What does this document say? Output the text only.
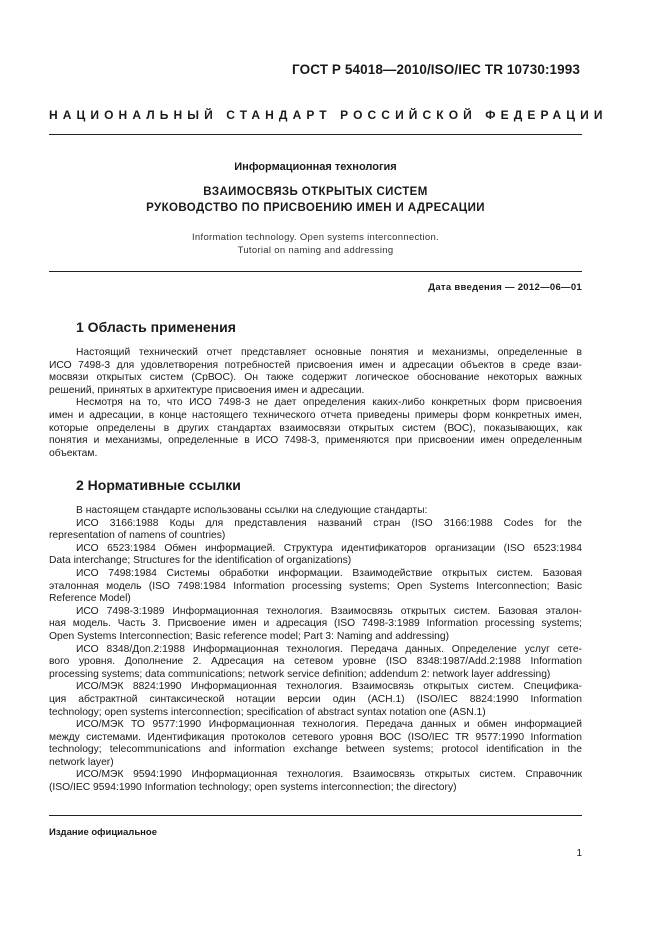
ГОСТ Р 54018—2010/ISO/IEC TR 10730:1993
НАЦИОНАЛЬНЫЙ СТАНДАРТ РОССИЙСКОЙ ФЕДЕРАЦИИ
Информационная технология
ВЗАИМОСВЯЗЬ ОТКРЫТЫХ СИСТЕМ
РУКОВОДСТВО ПО ПРИСВОЕНИЮ ИМЕН И АДРЕСАЦИИ
Information technology. Open systems interconnection.
Tutorial on naming and addressing
Дата введения — 2012—06—01
1 Область применения
Настоящий технический отчет представляет основные понятия и механизмы, определенные в
ИСО 7498-3 для удовлетворения потребностей присвоения имен и адресации объектов в среде взаи-
мосвязи открытых систем (СрВОС). Он также содержит логическое обоснование некоторых важных
решений, принятых в архитектуре присвоения имен и адресации.
Несмотря на то, что ИСО 7498-3 не дает определения каких-либо конкретных форм присвоения
имен и адресации, в конце настоящего технического отчета приведены примеры форм конкретных имен,
которые определены в других стандартах взаимосвязи открытых систем (ВОС), показывающих, как
понятия и механизмы, определенные в ИСО 7498-3, применяются при присвоении имен определенным
объектам.
2 Нормативные ссылки
В настоящем стандарте использованы ссылки на следующие стандарты:
ИСО 3166:1988 Коды для представления названий стран (ISO 3166:1988 Codes for the
representation of namens of countries)
ИСО 6523:1984 Обмен информацией. Структура идентификаторов организации (ISO 6523:1984
Data interchange; Structures for the identification of organizations)
ИСО 7498:1984 Системы обработки информации. Взаимодействие открытых систем. Базовая
эталонная модель (ISO 7498:1984 Information processing systems; Open Systems Interconnection; Basic
Reference Model)
ИСО 7498-3:1989 Информационная технология. Взаимосвязь открытых систем. Базовая эталон-
ная модель. Часть 3. Присвоение имен и адресация (ISO 7498-3:1989 Information processing systems;
Open Systems Interconnection; Basic reference model; Part 3: Naming and addressing)
ИСО 8348/Доп.2:1988 Информационная технология. Передача данных. Определение услуг сете-
вого уровня. Дополнение 2. Адресация на сетевом уровне (ISO 8348:1987/Add.2:1988 Information
processing systems; data communications; network service definition; addendum 2: network layer addressing)
ИСО/МЭК 8824:1990 Информационная технология. Взаимосвязь открытых систем. Специфика-
ция абстрактной синтаксической нотации версии один (АСН.1) (ISO/IEC 8824:1990 Information
technology; open systems interconnection; specification of abstract syntax notation one (ASN.1)
ИСО/МЭК ТО 9577:1990 Информационная технология. Передача данных и обмен информацией
между системами. Идентификация протоколов сетевого уровня ВОС (ISO/IEC TR 9577:1990 Information
technology; telecommunications and information exchange between systems; protocol identification in the
network layer)
ИСО/МЭК 9594:1990 Информационная технология. Взаимосвязь открытых систем. Справочник
(ISO/IEC 9594:1990 Information technology; open systems interconnection; the directory)
Издание официальное
1
